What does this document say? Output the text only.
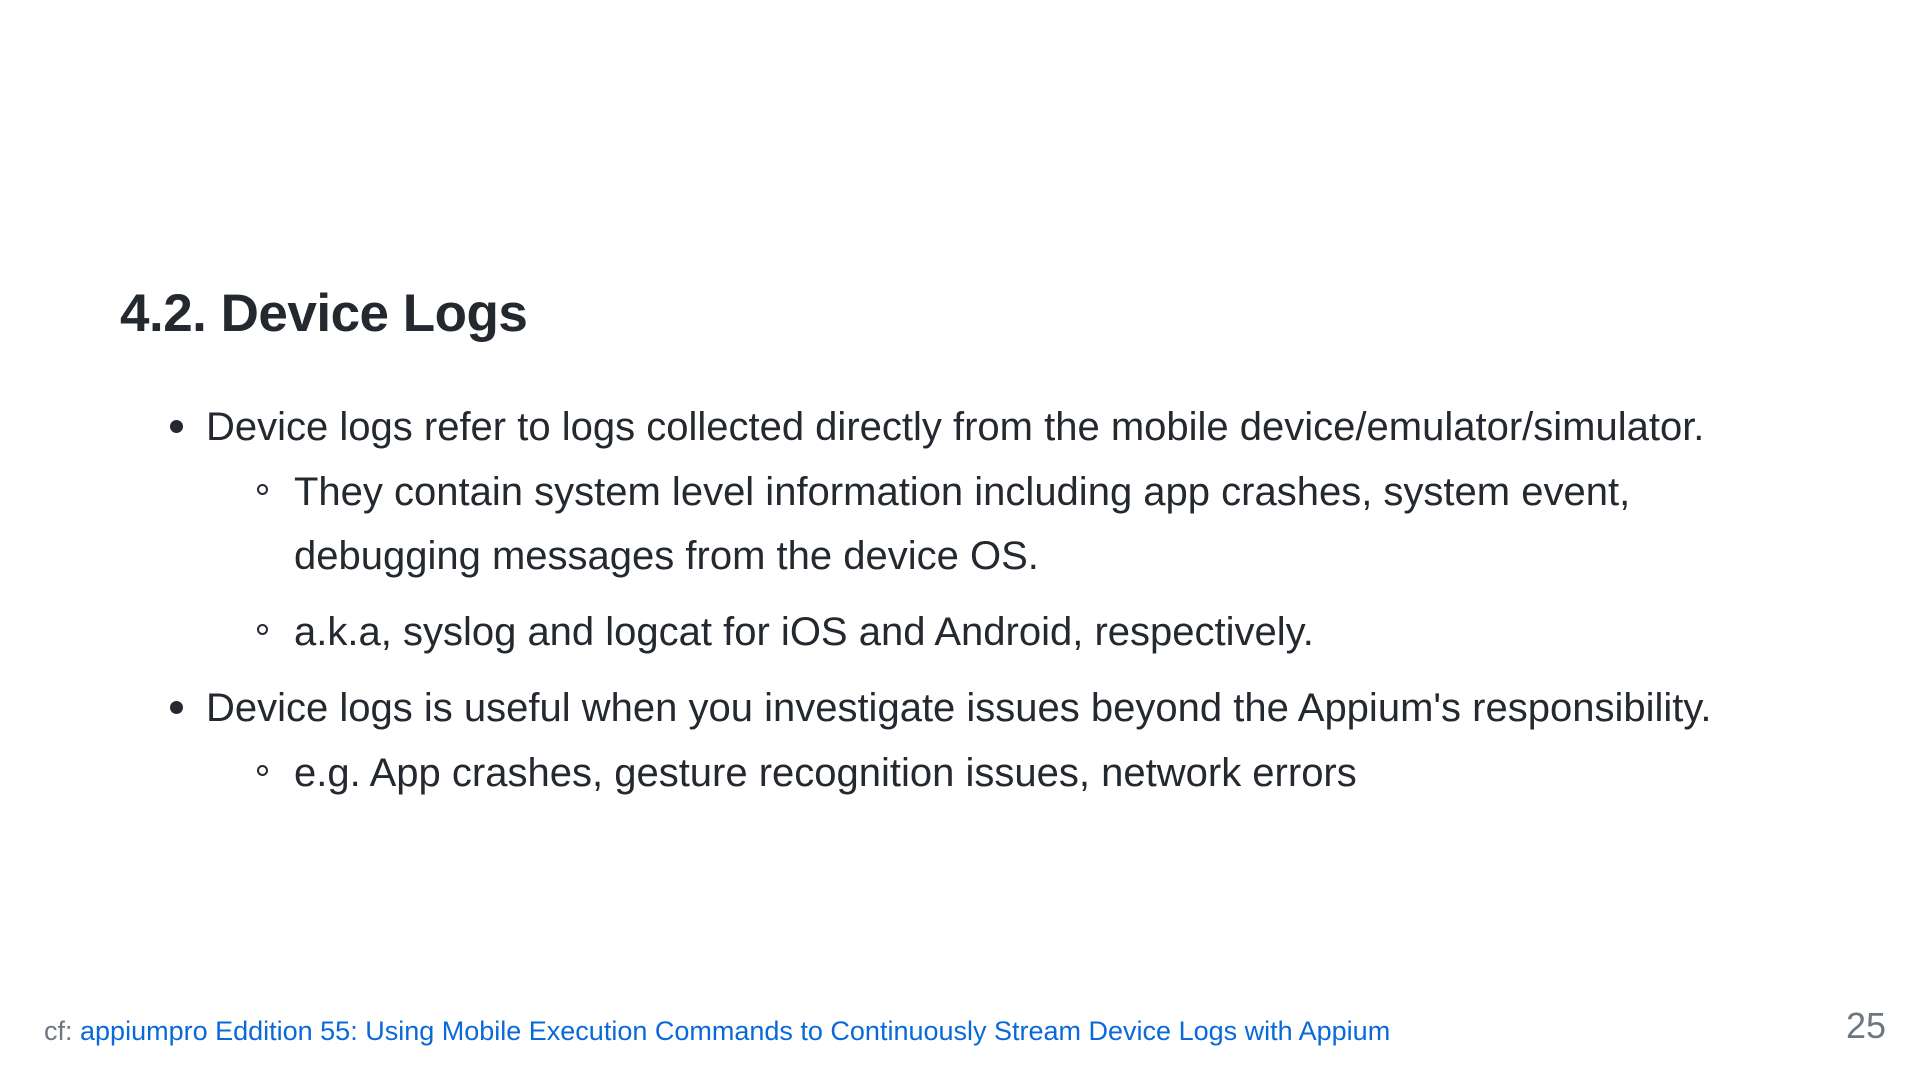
4.2. Device Logs
Device logs refer to logs collected directly from the mobile device/emulator/simulator.
They contain system level information including app crashes, system event, debugging messages from the device OS.
a.k.a, syslog and logcat for iOS and Android, respectively.
Device logs is useful when you investigate issues beyond the Appium's responsibility.
e.g. App crashes, gesture recognition issues, network errors
cf: appiumpro Eddition 55: Using Mobile Execution Commands to Continuously Stream Device Logs with Appium	25
